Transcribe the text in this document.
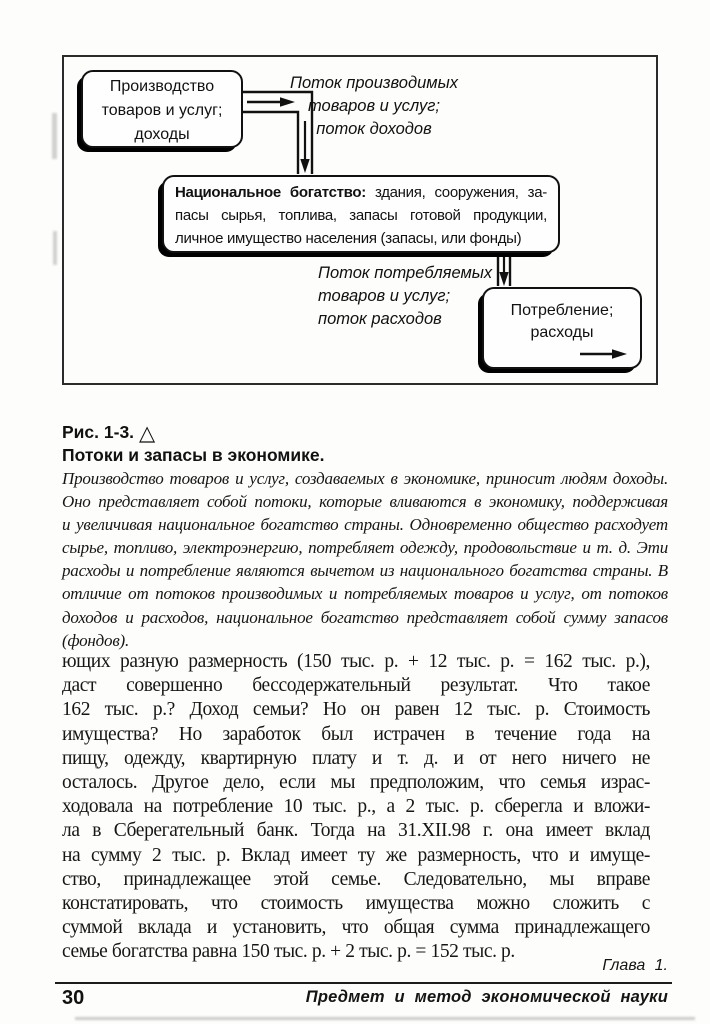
Производство
товаров и услуг;
доходы
Поток производимых
товаров и услуг;
поток доходов
Национальное богатство: здания, сооружения, за-
пасы сырья, топлива, запасы готовой продукции,
личное имущество населения (запасы, или фонды)
Поток потребляемых
товаров и услуг;
поток расходов	Потребление;
расходы
Рис. 1-3. △
Потоки и запасы в экономике.
Производство товаров и услуг, создаваемых в экономике, приносит людям доходы.
Оно представляет собой потоки, которые вливаются в экономику, поддерживая
и увеличивая национальное богатство страны. Одновременно общество расходует
сырье, топливо, электроэнергию, потребляет одежду, продовольствие и т. д. Эти
расходы и потребление являются вычетом из национального богатства страны. В
отличие от потоков производимых и потребляемых товаров и услуг, от потоков
доходов и расходов, национальное богатство представляет собой сумму запасов
(фондов).
ющих разную размерность (150 тыс. р. + 12 тыс. р. = 162 тыс. р.),
даст совершенно бессодержательный результат. Что такое
162 тыс. р.? Доход семьи? Но он равен 12 тыс. р. Стоимость
имущества? Но заработок был истрачен в течение года на
пищу, одежду, квартирную плату и т. д. и от него ничего не
осталось. Другое дело, если мы предположим, что семья израс-
ходовала на потребление 10 тыс. р., а 2 тыс. р. сберегла и вложи-
ла в Сберегательный банк. Тогда на 31.XII.98 г. она имеет вклад
на сумму 2 тыс. р. Вклад имеет ту же размерность, что и имуще-
ство, принадлежащее этой семье. Следовательно, мы вправе
констатировать, что стоимость имущества можно сложить с
суммой вклада и установить, что общая сумма принадлежащего
семье богатства равна 150 тыс. р. + 2 тыс. р. = 152 тыс. р.
Глава 1.
30	Предмет и метод экономической науки
